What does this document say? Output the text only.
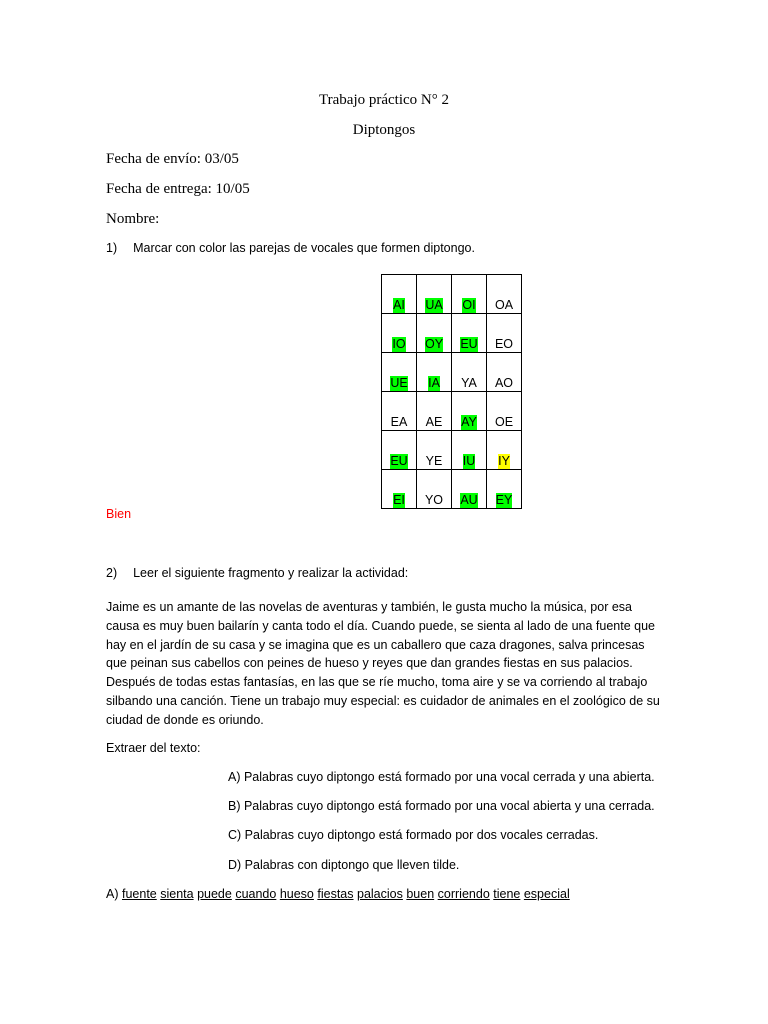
Trabajo práctico N° 2
Diptongos
Fecha de envío: 03/05
Fecha de entrega: 10/05
Nombre:
1) Marcar con color las parejas de vocales que formen diptongo.
AI	UA	OI	OA
IO	OY	EU	EO
UE	IA	YA	AO
EA	AE	AY	OE
EU	YE	IU	IY
EI	YO	AU	EY
Bien
2) Leer el siguiente fragmento y realizar la actividad:
Jaime es un amante de las novelas de aventuras y también, le gusta mucho la música, por esa causa es muy buen bailarín y canta todo el día. Cuando puede, se sienta al lado de una fuente que hay en el jardín de su casa y se imagina que es un caballero que caza dragones, salva princesas que peinan sus cabellos con peines de hueso y reyes que dan grandes fiestas en sus palacios. Después de todas estas fantasías, en las que se ríe mucho, toma aire y se va corriendo al trabajo silbando una canción. Tiene un trabajo muy especial: es cuidador de animales en el zoológico de su ciudad de donde es oriundo.
Extraer del texto:
A) Palabras cuyo diptongo está formado por una vocal cerrada y una abierta.
B) Palabras cuyo diptongo está formado por una vocal abierta y una cerrada.
C) Palabras cuyo diptongo está formado por dos vocales cerradas.
D) Palabras con diptongo que lleven tilde.
A) fuente sienta puede cuando hueso fiestas palacios buen corriendo tiene especial
